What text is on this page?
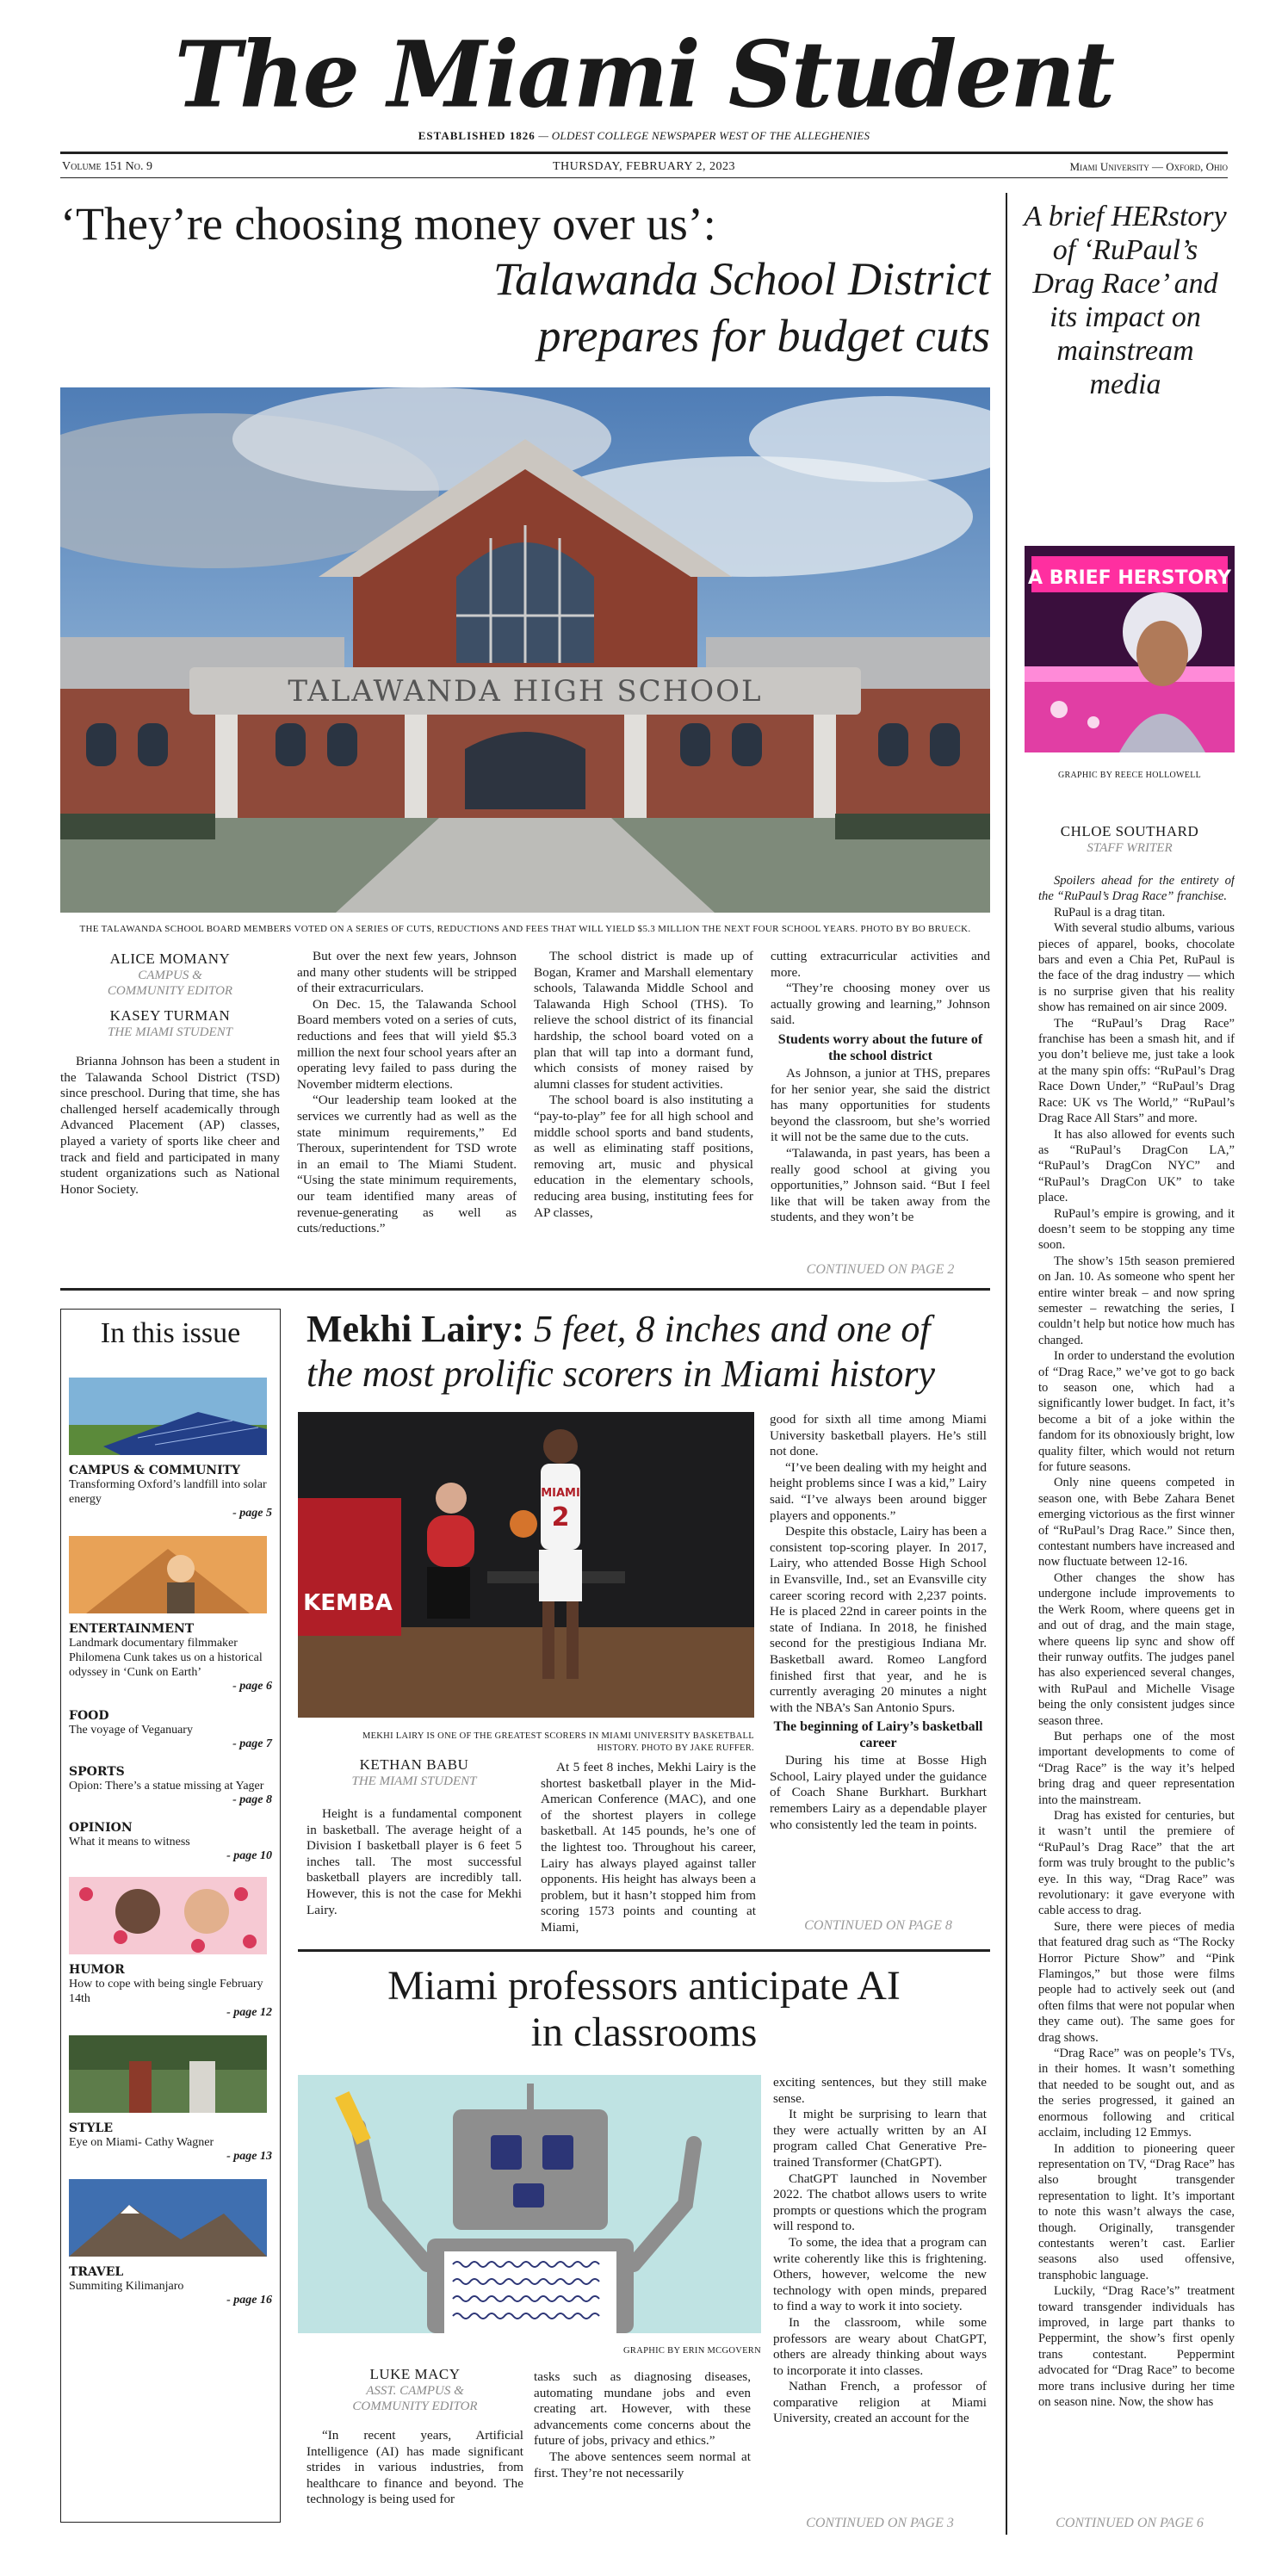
The Miami Student
ESTABLISHED 1826 — OLDEST COLLEGE NEWSPAPER WEST OF THE ALLEGHENIES
Volume 151 No. 9	THURSDAY, FEBRUARY 2, 2023	Miami University — Oxford, Ohio
‘They’re choosing money over us’:
Talawanda School District
prepares for budget cuts
TALAWANDA HIGH SCHOOL
THE TALAWANDA SCHOOL BOARD MEMBERS VOTED ON A SERIES OF CUTS, REDUCTIONS AND FEES THAT WILL YIELD $5.3 MILLION THE NEXT FOUR SCHOOL YEARS. PHOTO BY BO BRUECK.
ALICE MOMANY
CAMPUS &
COMMUNITY EDITOR
KASEY TURMAN
THE MIAMI STUDENT

Brianna Johnson has been a student in the Talawanda School District (TSD) since preschool. During that time, she has challenged herself academically through Advanced Placement (AP) classes, played a variety of sports like cheer and track and field and participated in many student organizations such as National Honor Society.

But over the next few years, Johnson and many other students will be stripped of their extracurriculars.

On Dec. 15, the Talawanda School Board members voted on a series of cuts, reductions and fees that will yield $5.3 million the next four school years after an operating levy failed to pass during the November midterm elections.

“Our leadership team looked at the services we currently had as well as the state minimum requirements,” Ed Theroux, superintendent for TSD wrote in an email to The Miami Student. “Using the state minimum requirements, our team identified many areas of revenue-generating as well as cuts/reductions.”

The school district is made up of Bogan, Kramer and Marshall elementary schools, Talawanda Middle School and Talawanda High School (THS). To relieve the school district of its financial hardship, the school board voted on a plan that will tap into a dormant fund, which consists of money raised by alumni classes for student activities.

The school board is also instituting a “pay-to-play” fee for all high school and middle school sports and band students, as well as eliminating staff positions, removing art, music and physical education in the elementary schools, reducing area busing, instituting fees for AP classes,

cutting extracurricular activities and more.

“They’re choosing money over us actually growing and learning,” Johnson said.

Students worry about the future of the school district

As Johnson, a junior at THS, prepares for her senior year, she said the district has many opportunities for students beyond the classroom, but she’s worried it will not be the same due to the cuts.

“Talawanda, in past years, has been a really good school at giving you opportunities,” Johnson said. “But I feel like that will be taken away from the students, and they won’t be

CONTINUED ON PAGE 2
A brief HERstory of ‘RuPaul’s Drag Race’ and its impact on mainstream media
A BRIEF HERSTORY
GRAPHIC BY REECE HOLLOWELL
CHLOE SOUTHARD
STAFF WRITER

Spoilers ahead for the entirety of the “RuPaul’s Drag Race” franchise.

RuPaul is a drag titan.

With several studio albums, various pieces of apparel, books, chocolate bars and even a Chia Pet, RuPaul is the face of the drag industry — which is no surprise given that his reality show has remained on air since 2009.

The “RuPaul’s Drag Race” franchise has been a smash hit, and if you don’t believe me, just take a look at the many spin offs: “RuPaul’s Drag Race Down Under,” “RuPaul’s Drag Race: UK vs The World,” “RuPaul’s Drag Race All Stars” and more.

It has also allowed for events such as “RuPaul’s DragCon LA,” “RuPaul’s DragCon NYC” and “RuPaul’s DragCon UK” to take place.

RuPaul’s empire is growing, and it doesn’t seem to be stopping any time soon.

The show’s 15th season premiered on Jan. 10. As someone who spent her entire winter break – and now spring semester – rewatching the series, I couldn’t help but notice how much has changed.

In order to understand the evolution of “Drag Race,” we’ve got to go back to season one, which had a significantly lower budget. In fact, it’s become a bit of a joke within the fandom for its obnoxiously bright, low quality filter, which would not return for future seasons.

Only nine queens competed in season one, with Bebe Zahara Benet emerging victorious as the first winner of “RuPaul’s Drag Race.” Since then, contestant numbers have increased and now fluctuate between 12-16.

Other changes the show has undergone include improvements to the Werk Room, where queens get in and out of drag, and the main stage, where queens lip sync and show off their runway outfits. The judges panel has also experienced several changes, with RuPaul and Michelle Visage being the only consistent judges since season three.

But perhaps one of the most important developments to come of “Drag Race” is the way it’s helped bring drag and queer representation into the mainstream.

Drag has existed for centuries, but it wasn’t until the premiere of “RuPaul’s Drag Race” that the art form was truly brought to the public’s eye. In this way, “Drag Race” was revolutionary: it gave everyone with cable access to drag.

Sure, there were pieces of media that featured drag such as “The Rocky Horror Picture Show” and “Pink Flamingos,” but those were films people had to actively seek out (and often films that were not popular when they came out). The same goes for drag shows.

“Drag Race” was on people’s TVs, in their homes. It wasn’t something that needed to be sought out, and as the series progressed, it gained an enormous following and critical acclaim, including 12 Emmys.

In addition to pioneering queer representation on TV, “Drag Race” has also brought transgender representation to light. It’s important to note this wasn’t always the case, though. Originally, transgender contestants weren’t cast. Earlier seasons also used offensive, transphobic language.

Luckily, “Drag Race’s” treatment toward transgender individuals has improved, in large part thanks to Peppermint, the show’s first openly trans contestant. Peppermint advocated for “Drag Race” to become more trans inclusive during her time on season nine. Now, the show has

CONTINUED ON PAGE 6
In this issue
CAMPUS & COMMUNITY
Transforming Oxford’s landfill into solar energy
- page 5
ENTERTAINMENT
Landmark documentary filmmaker Philomena Cunk takes us on a historical odyssey in ‘Cunk on Earth’
- page 6
FOOD
The voyage of Veganuary
- page 7
SPORTS
Opion: There’s a statue missing at Yager
- page 8
OPINION
What it means to witness
- page 10
HUMOR
How to cope with being single February 14th
- page 12
STYLE
Eye on Miami- Cathy Wagner
- page 13
TRAVEL
Summiting Kilimanjaro
- page 16
Mekhi Lairy: 5 feet, 8 inches and one of
the most prolific scorers in Miami history
KEMBA
MIAMI
2
MEKHI LAIRY IS ONE OF THE GREATEST SCORERS IN MIAMI UNIVERSITY BASKETBALL
HISTORY. PHOTO BY JAKE RUFFER.
KETHAN BABU
THE MIAMI STUDENT

Height is a fundamental component in basketball. The average height of a Division I basketball player is 6 feet 5 inches tall. The most successful basketball players are incredibly tall. However, this is not the case for Mekhi Lairy.

At 5 feet 8 inches, Mekhi Lairy is the shortest basketball player in the Mid-American Conference (MAC), and one of the shortest players in college basketball. At 145 pounds, he’s one of the lightest too. Throughout his career, Lairy has always played against taller opponents. His height has always been a problem, but it hasn’t stopped him from scoring 1573 points and counting at Miami,

good for sixth all time among Miami University basketball players. He’s still not done.

“I’ve been dealing with my height and height problems since I was a kid,” Lairy said. “I’ve always been around bigger players and opponents.”

Despite this obstacle, Lairy has been a consistent top-scoring player. In 2017, Lairy, who attended Bosse High School in Evansville, Ind., set an Evansville city career scoring record with 2,237 points. He is placed 22nd in career points in the state of Indiana. In 2018, he finished second for the prestigious Indiana Mr. Basketball award. Romeo Langford finished first that year, and he is currently averaging 20 minutes a night with the NBA’s San Antonio Spurs.

The beginning of Lairy’s basketball career

During his time at Bosse High School, Lairy played under the guidance of Coach Shane Burkhart. Burkhart remembers Lairy as a dependable player who consistently led the team in points.

CONTINUED ON PAGE 8
Miami professors anticipate AI
in classrooms
GRAPHIC BY ERIN MCGOVERN
LUKE MACY
ASST. CAMPUS &
COMMUNITY EDITOR

“In recent years, Artificial Intelligence (AI) has made significant strides in various industries, from healthcare to finance and beyond. The technology is being used for

tasks such as diagnosing diseases, automating mundane jobs and even creating art. However, with these advancements come concerns about the future of jobs, privacy and ethics.”

The above sentences seem normal at first. They’re not necessarily

exciting sentences, but they still make sense.

It might be surprising to learn that they were actually written by an AI program called Chat Generative Pre-trained Transformer (ChatGPT).

ChatGPT launched in November 2022. The chatbot allows users to write prompts or questions which the program will respond to.

To some, the idea that a program can write coherently like this is frightening. Others, however, welcome the new technology with open minds, prepared to find a way to work it into society.

In the classroom, while some professors are weary about ChatGPT, others are already thinking about ways to incorporate it into classes.

Nathan French, a professor of comparative religion at Miami University, created an account for the

CONTINUED ON PAGE 3
